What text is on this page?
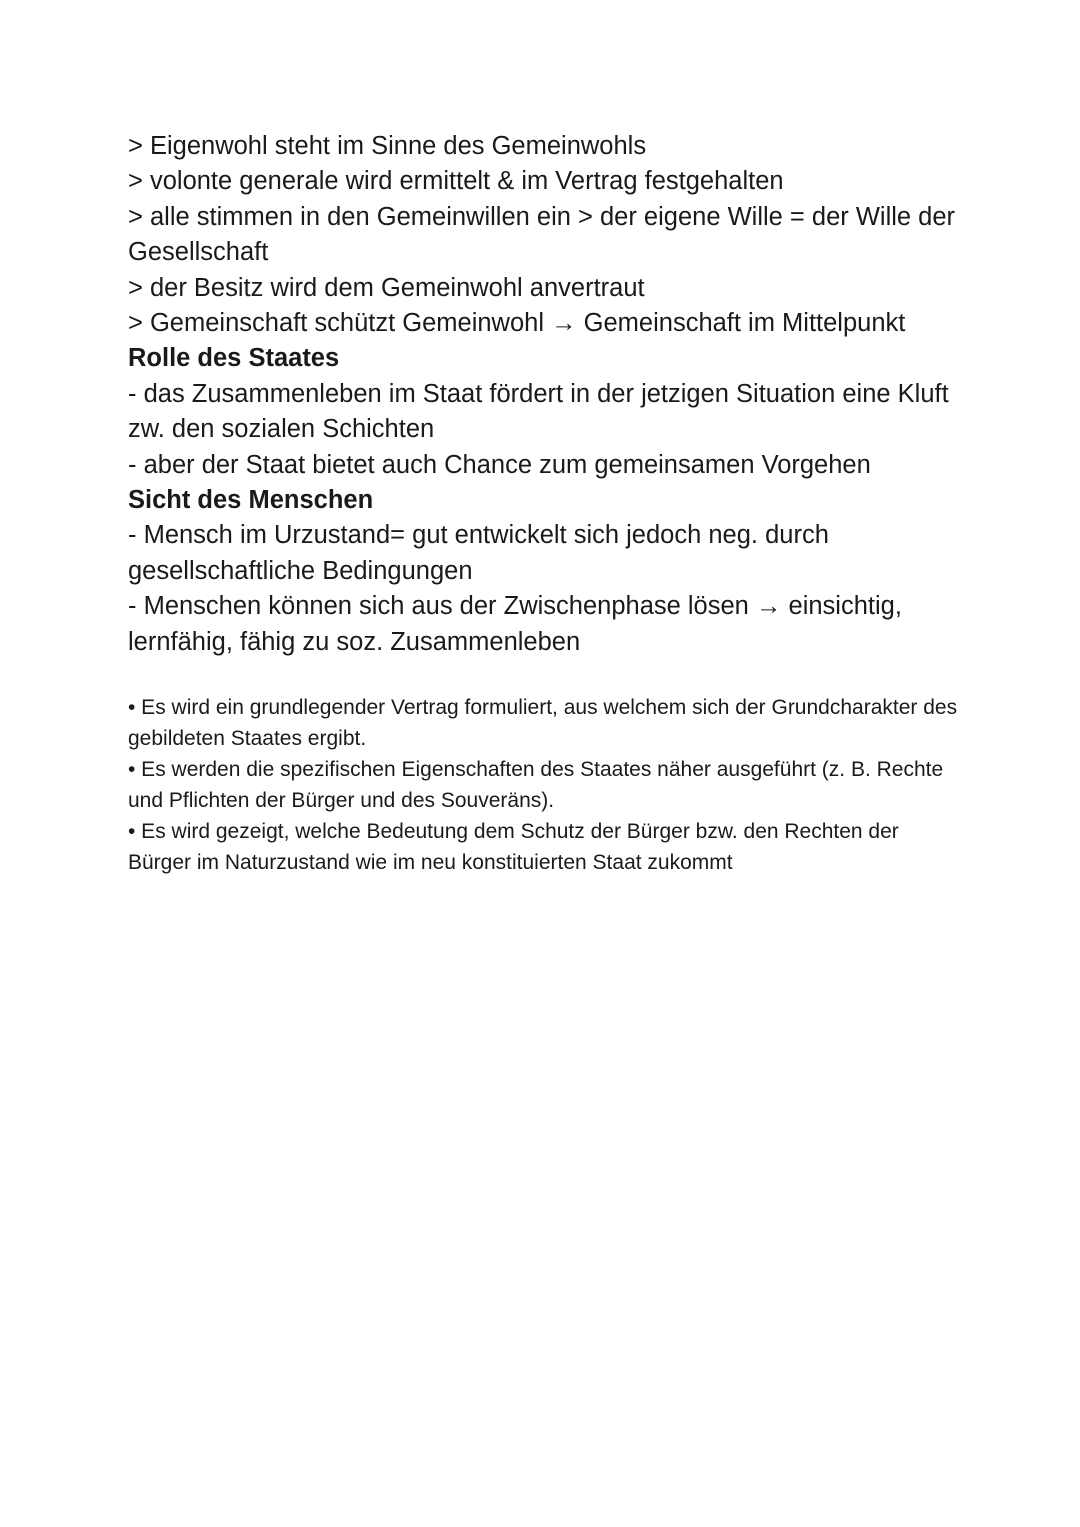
> Eigenwohl steht im Sinne des Gemeinwohls

> volonte generale wird ermittelt & im Vertrag festgehalten

> alle stimmen in den Gemeinwillen ein > der eigene Wille = der Wille der Gesellschaft

> der Besitz wird dem Gemeinwohl anvertraut

> Gemeinschaft schützt Gemeinwohl → Gemeinschaft im Mittelpunkt

Rolle des Staates

- das Zusammenleben im Staat fördert in der jetzigen Situation eine Kluft zw. den sozialen Schichten

- aber der Staat bietet auch Chance zum gemeinsamen Vorgehen

Sicht des Menschen

- Mensch im Urzustand= gut entwickelt sich jedoch neg. durch gesellschaftliche Bedingungen

- Menschen können sich aus der Zwischenphase lösen → einsichtig, lernfähig, fähig zu soz. Zusammenleben

• Es wird ein grundlegender Vertrag formuliert, aus welchem sich der Grundcharakter des gebildeten Staates ergibt.

• Es werden die spezifischen Eigenschaften des Staates näher ausgeführt (z. B. Rechte und Pflichten der Bürger und des Souveräns).

• Es wird gezeigt, welche Bedeutung dem Schutz der Bürger bzw. den Rechten der Bürger im Naturzustand wie im neu konstituierten Staat zukommt
